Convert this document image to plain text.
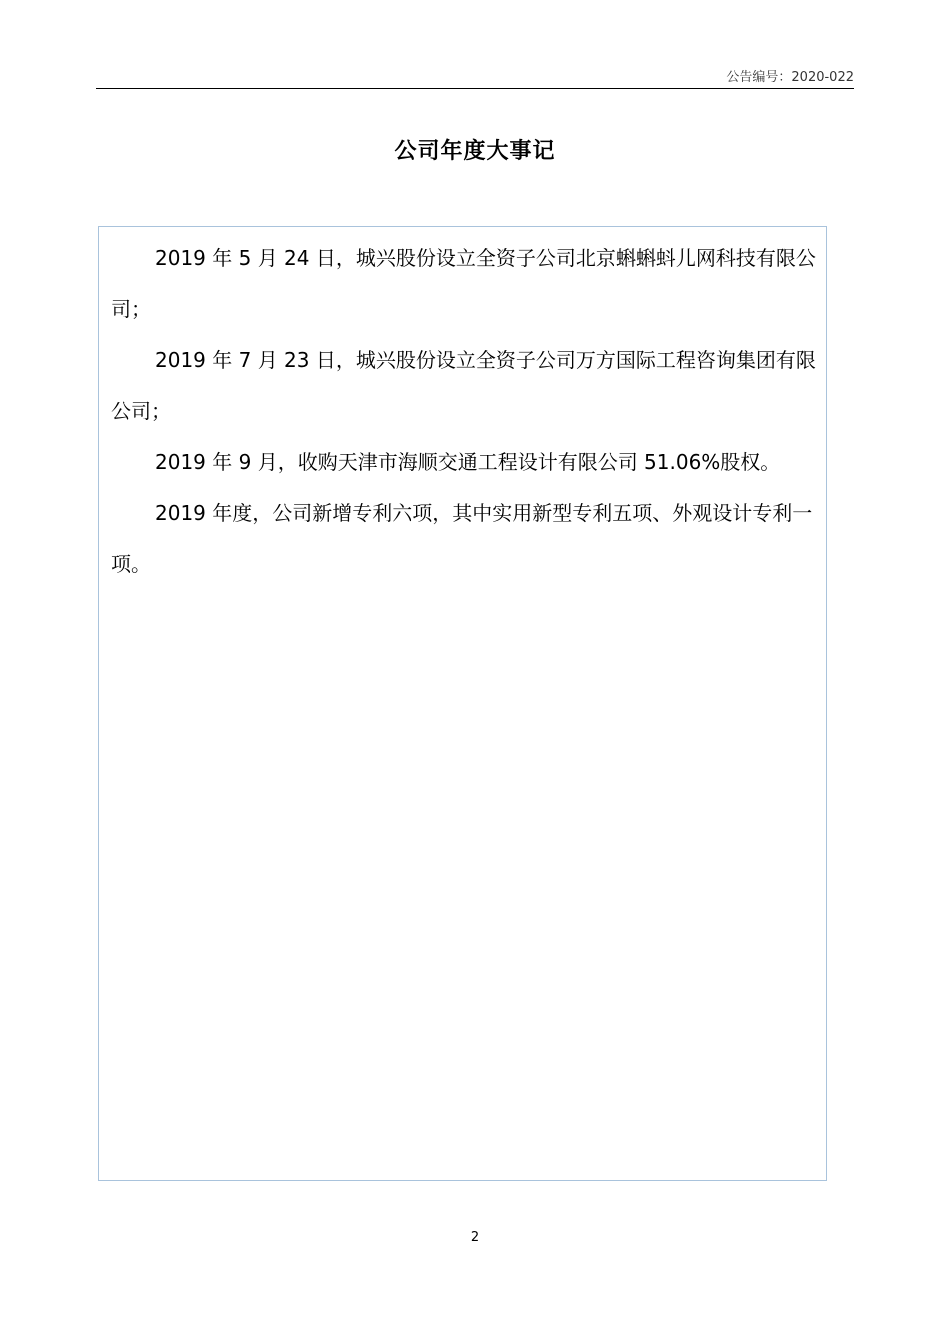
公告编号：2020-022
公司年度大事记

2019 年 5 月 24 日，城兴股份设立全资子公司北京蝌蝌蚪儿网科技有限公司；

2019 年 7 月 23 日，城兴股份设立全资子公司万方国际工程咨询集团有限公司；

2019 年 9 月，收购天津市海顺交通工程设计有限公司 51.06%股权。

2019 年度，公司新增专利六项，其中实用新型专利五项、外观设计专利一项。

2
